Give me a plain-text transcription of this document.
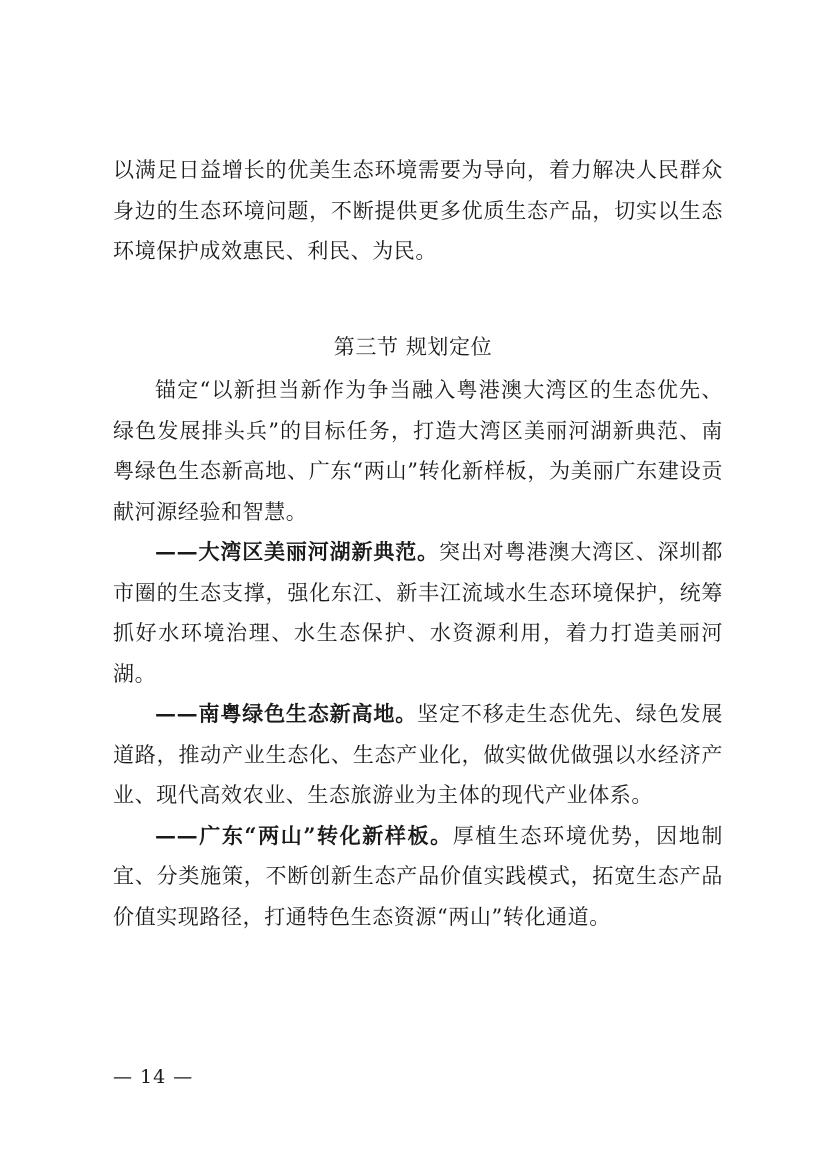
以满足日益增长的优美生态环境需要为导向，着力解决人民群众身边的生态环境问题，不断提供更多优质生态产品，切实以生态环境保护成效惠民、利民、为民。

第三节 规划定位

锚定“以新担当新作为争当融入粤港澳大湾区的生态优先、绿色发展排头兵”的目标任务，打造大湾区美丽河湖新典范、南粤绿色生态新高地、广东“两山”转化新样板，为美丽广东建设贡献河源经验和智慧。

——大湾区美丽河湖新典范。突出对粤港澳大湾区、深圳都市圈的生态支撑，强化东江、新丰江流域水生态环境保护，统筹抓好水环境治理、水生态保护、水资源利用，着力打造美丽河湖。

——南粤绿色生态新高地。坚定不移走生态优先、绿色发展道路，推动产业生态化、生态产业化，做实做优做强以水经济产业、现代高效农业、生态旅游业为主体的现代产业体系。

——广东“两山”转化新样板。厚植生态环境优势，因地制宜、分类施策，不断创新生态产品价值实践模式，拓宽生态产品价值实现路径，打通特色生态资源“两山”转化通道。

— 14 —
